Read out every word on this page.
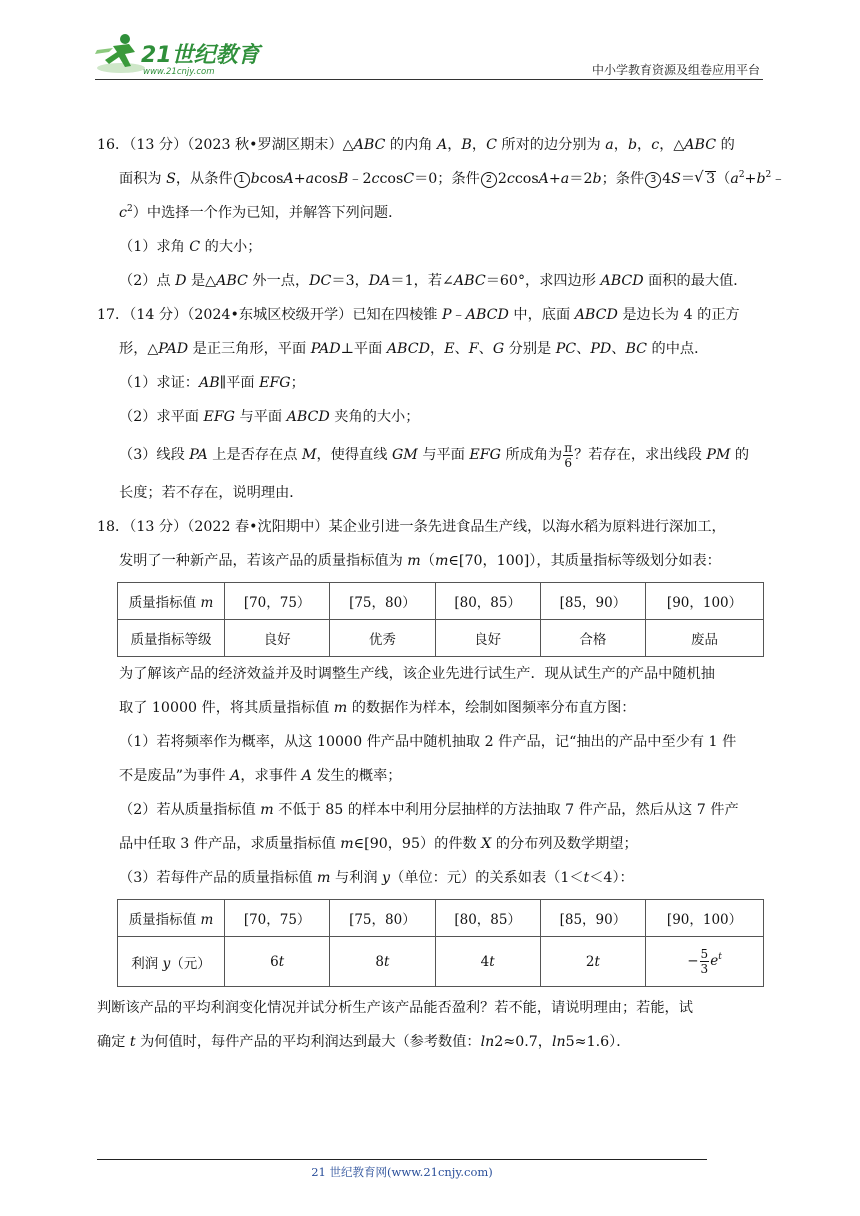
21世纪教育
www.21cnjy.com	中小学教育资源及组卷应用平台
16．（13 分）（2023 秋•罗湖区期末）△ABC 的内角 A，B，C 所对的边分别为 a，b，c，△ABC 的
面积为 S，从条件 1 bcosA+acosB﹣2ccosC＝0；条件 2 2ccosA+a＝2b；条件 3 4S＝ √ $3(a^2+b^2﹣$
$c^2$）中选择一个作为已知，并解答下列问题．
（1）求角 C 的大小；
（2）点 D 是△ABC 外一点，DC＝3，DA＝1，若∠ABC＝60°，求四边形 ABCD 面积的最大值．
17．（14 分）（2024•东城区校级开学）已知在四棱锥 P﹣ABCD 中，底面 ABCD 是边长为 4 的正方
形，△PAD 是正三角形，平面 PAD⊥平面 ABCD，E、F、G 分别是 PC、PD、BC 的中点．
（1）求证：AB∥平面 EFG；
（2）求平面 EFG 与平面 ABCD 夹角的大小；
（3）线段 PA 上是否存在点 M，使得直线 GM 与平面 EFG 所成角为 $\frac{\pi}{6}$ ？若存在，求出线段 PM 的
长度；若不存在，说明理由．
18．（13 分）（2022 春•沈阳期中）某企业引进一条先进食品生产线，以海水稻为原料进行深加工，
发明了一种新产品，若该产品的质量指标值为 m（m∈[70，100]），其质量指标等级划分如表：
质量指标值 m	[70，75）	[75，80）	[80，85）	[85，90）	[90，100）
质量指标等级	良好	优秀	良好	合格	废品
为了解该产品的经济效益并及时调整生产线，该企业先进行试生产．现从试生产的产品中随机抽
取了 10000 件，将其质量指标值 m 的数据作为样本，绘制如图频率分布直方图：
（1）若将频率作为概率，从这 10000 件产品中随机抽取 2 件产品，记“抽出的产品中至少有 1 件
不是废品”为事件 A，求事件 A 发生的概率；
（2）若从质量指标值 m 不低于 85 的样本中利用分层抽样的方法抽取 7 件产品，然后从这 7 件产
品中任取 3 件产品，求质量指标值 m∈[90，95）的件数 X 的分布列及数学期望；
（3）若每件产品的质量指标值 m 与利润 y（单位：元）的关系如表（1＜t＜4）：
质量指标值 m	[70，75）	[75，80）	[80，85）	[85，90）	[90，100）
利润 y（元）	6t	8t	4t	2t	− $\frac{5}{3} e^t$
判断该产品的平均利润变化情况并试分析生产该产品能否盈利？若不能，请说明理由；若能，试
确定 t 为何值时，每件产品的平均利润达到最大（参考数值：ln2≈0.7，ln5≈1.6）．
21 世纪教育网(www.21cnjy.com)
